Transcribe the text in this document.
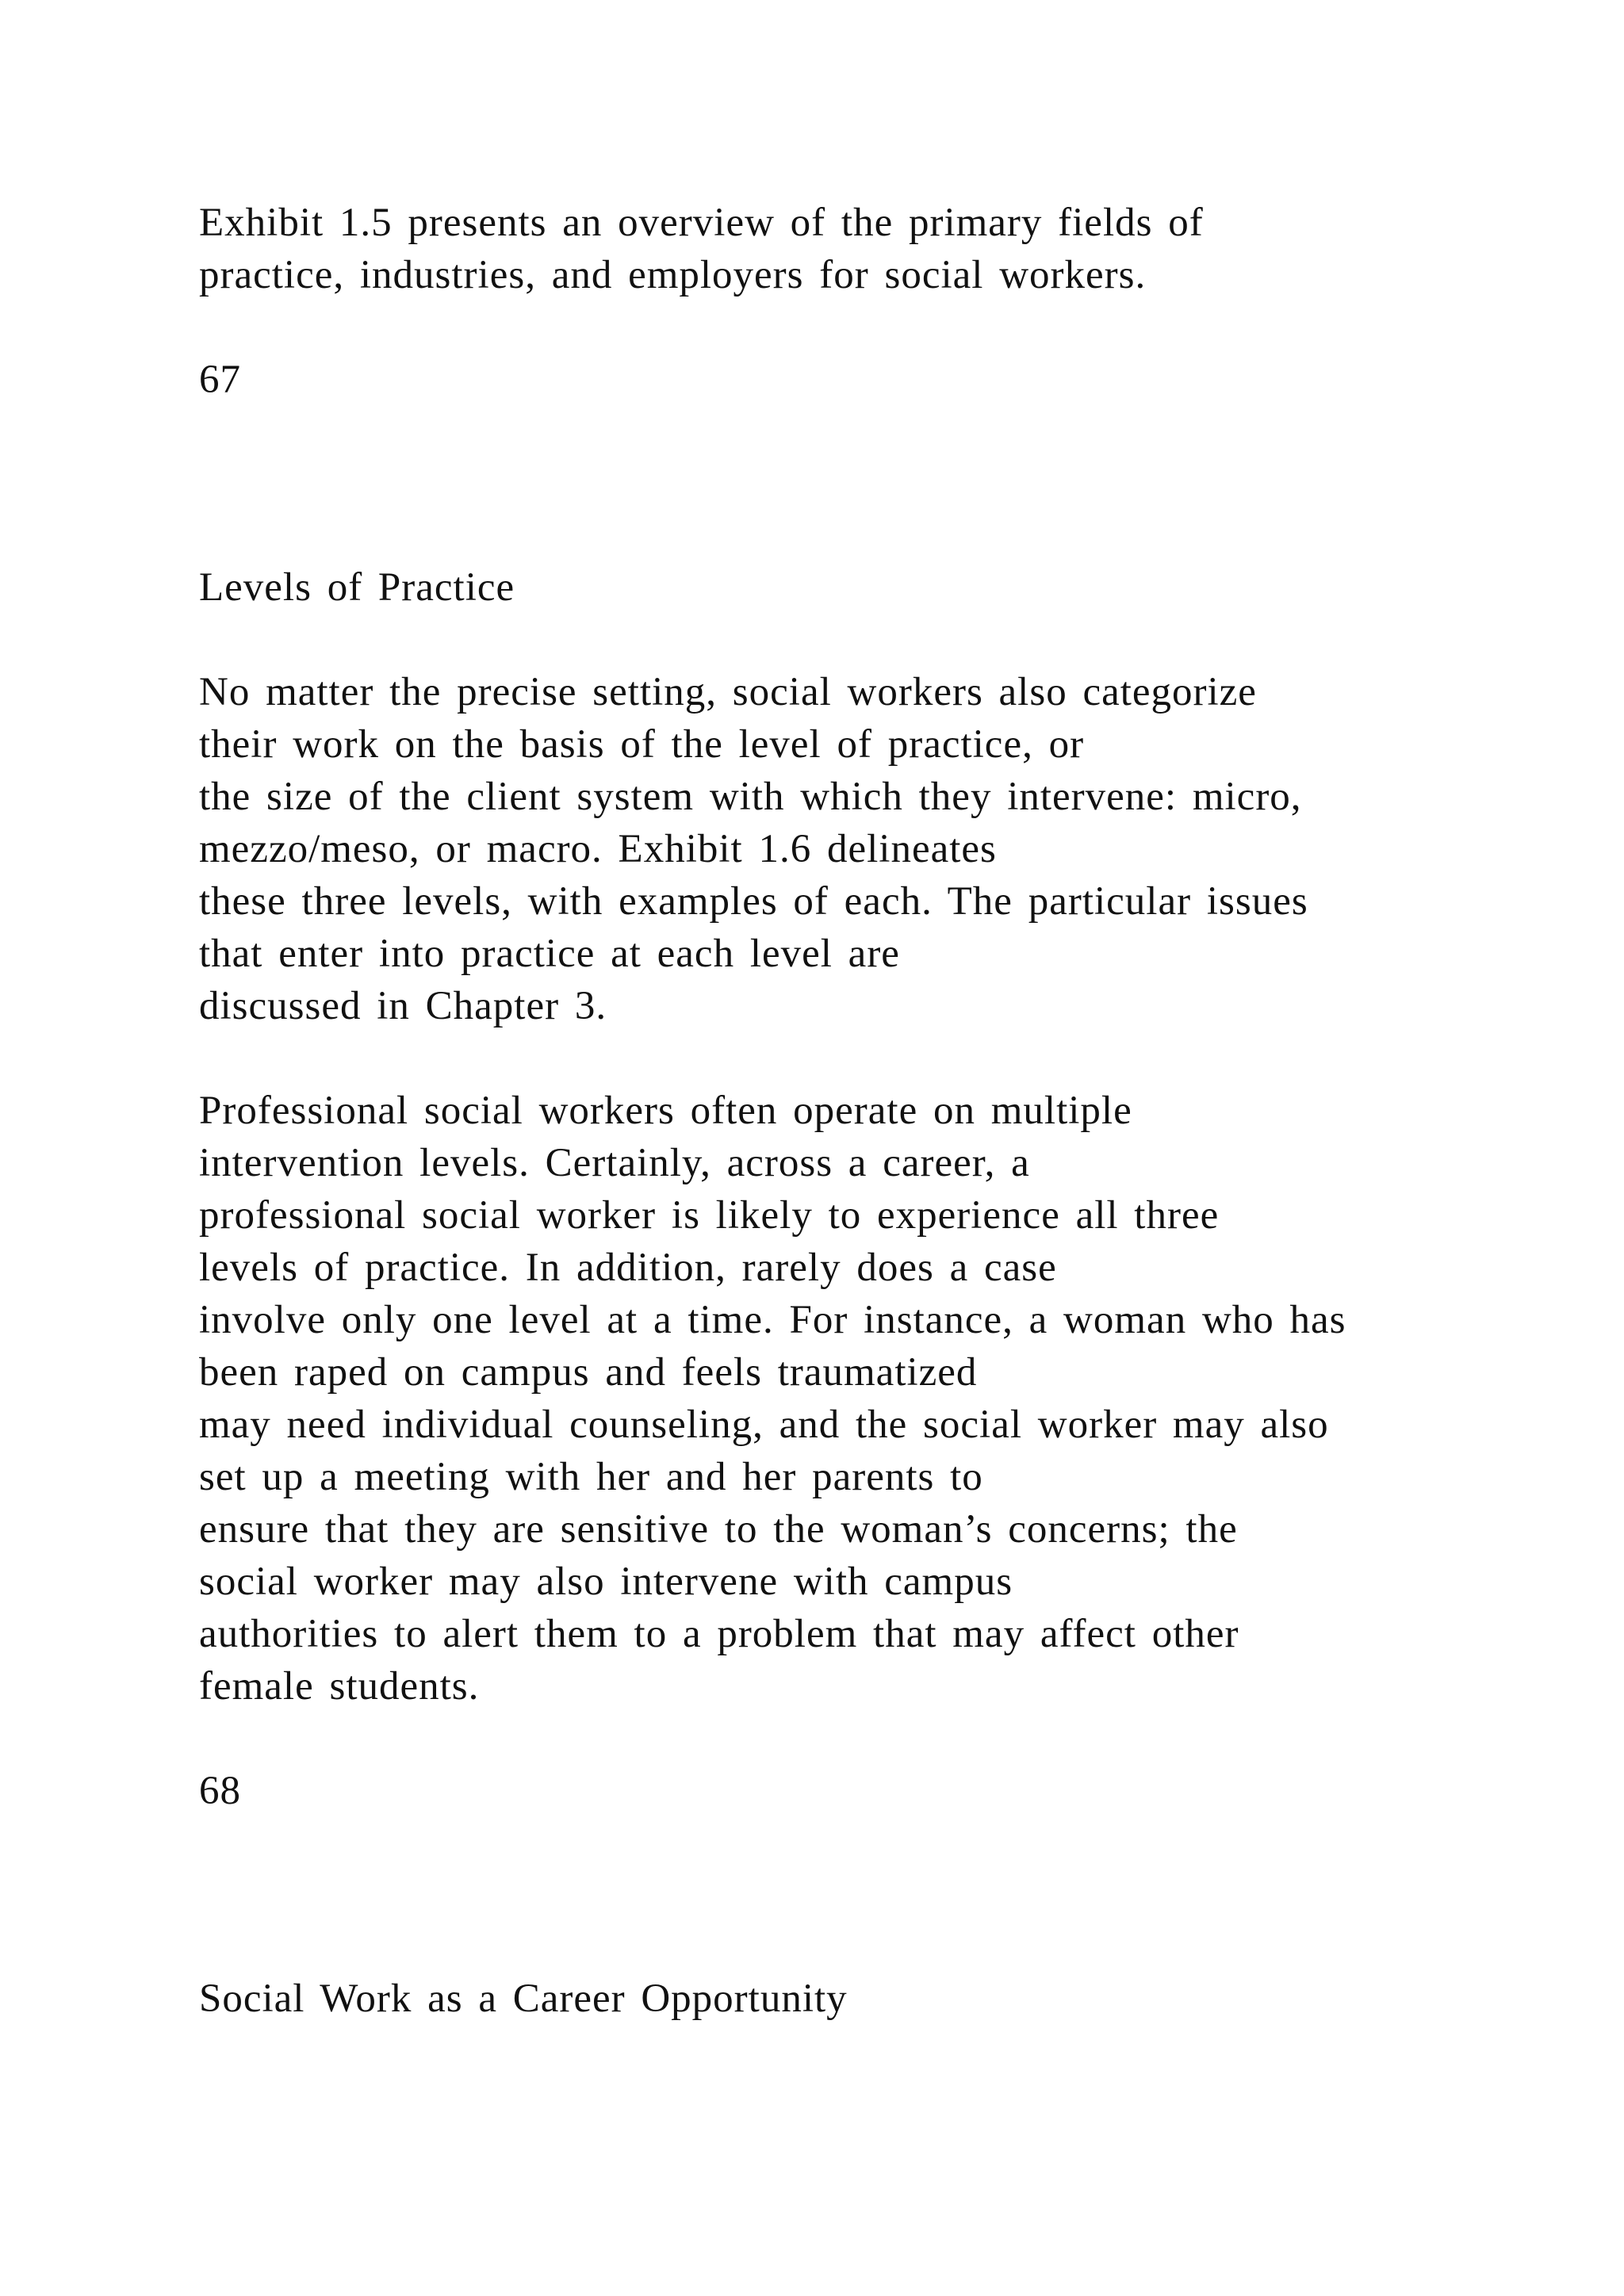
Exhibit 1.5 presents an overview of the primary fields of

practice, industries, and employers for social workers.

67

Levels of Practice

No matter the precise setting, social workers also categorize

their work on the basis of the level of practice, or

the size of the client system with which they intervene: micro,

mezzo/meso, or macro. Exhibit 1.6 delineates

these three levels, with examples of each. The particular issues

that enter into practice at each level are

discussed in Chapter 3.

Professional social workers often operate on multiple

intervention levels. Certainly, across a career, a

professional social worker is likely to experience all three

levels of practice. In addition, rarely does a case

involve only one level at a time. For instance, a woman who has

been raped on campus and feels traumatized

may need individual counseling, and the social worker may also

set up a meeting with her and her parents to

ensure that they are sensitive to the woman’s concerns; the

social worker may also intervene with campus

authorities to alert them to a problem that may affect other

female students.

68

Social Work as a Career Opportunity
